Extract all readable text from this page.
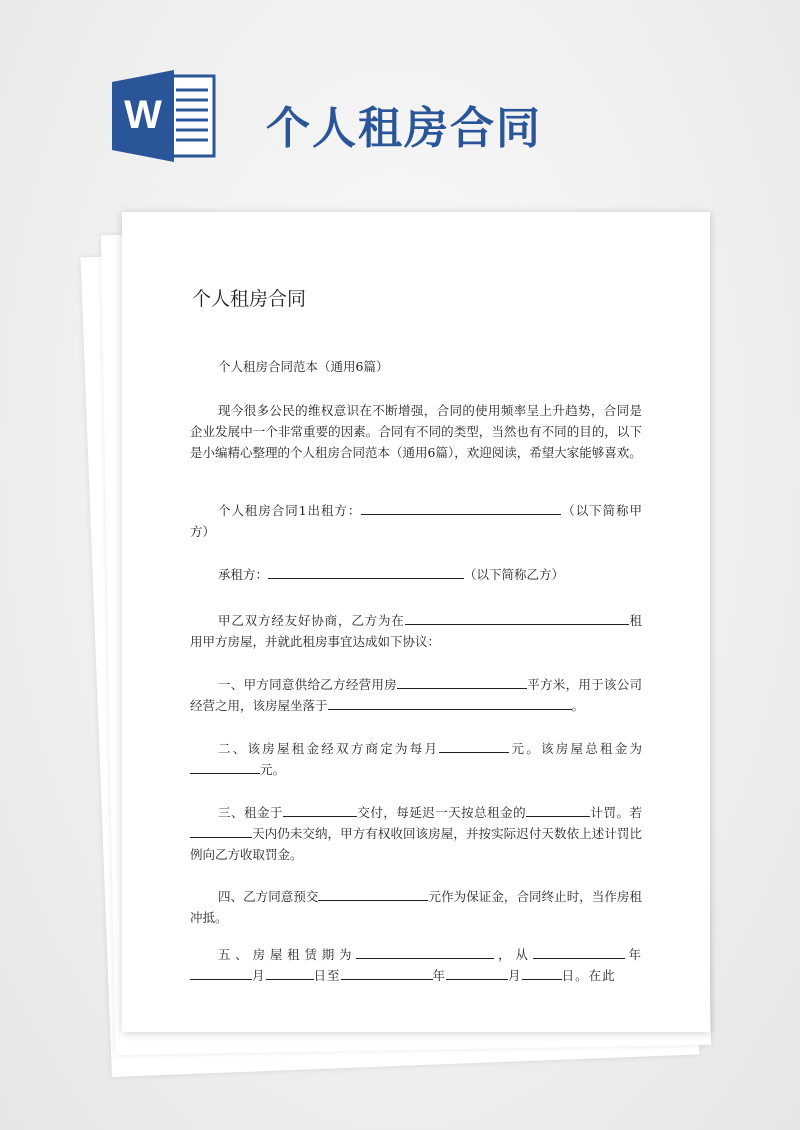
W 个人租房合同
个人租房合同
个人租房合同范本（通用6篇）
现今很多公民的维权意识在不断增强，合同的使用频率呈上升趋势，合同是企业发展中一个非常重要的因素。合同有不同的类型，当然也有不同的目的，以下是小编精心整理的个人租房合同范本（通用6篇），欢迎阅读，希望大家能够喜欢。
个人租房合同1出租方：	（以下简称甲方）
承租方：	（以下简称乙方）
甲乙双方经友好协商，乙方为在	租用甲方房屋，并就此租房事宜达成如下协议：
一、甲方同意供给乙方经营用房	平方米，用于该公司经营之用，该房屋坐落于	。
二、该房屋租金经双方商定为每月	元。该房屋总租金为元。
三、租金于	交付，每延迟一天按总租金的	计罚。若天内仍未交纳，甲方有权收回该房屋，并按实际迟付天数依上述计罚比例向乙方收取罚金。
四、乙方同意预交	元作为保证金，合同终止时，当作房租冲抵。
五、房屋租赁期为	，从	年月	日至	年	月	日。在此
